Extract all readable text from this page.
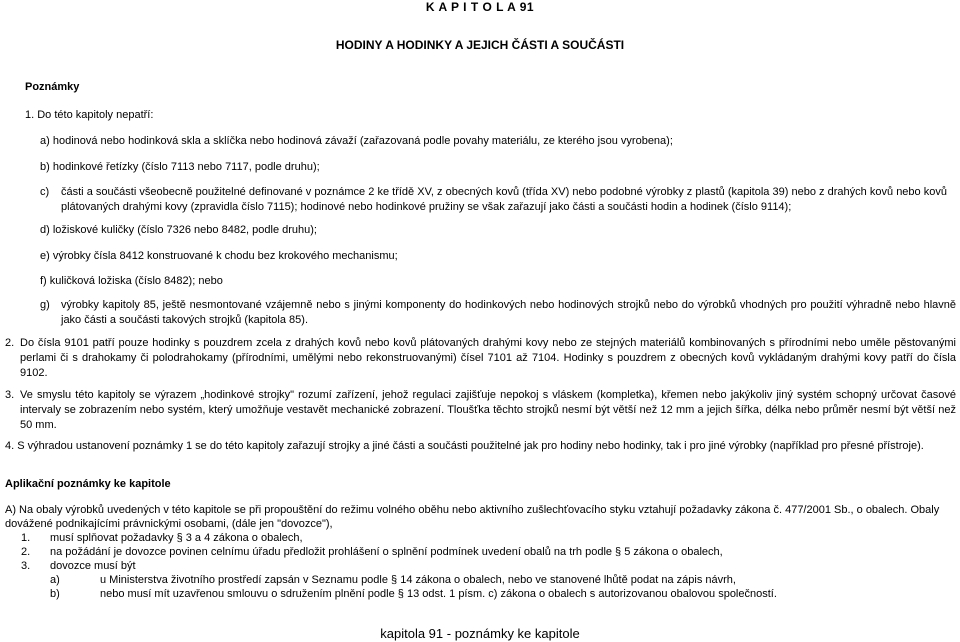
K A P I T O L A 91
HODINY A HODINKY A JEJICH ČÁSTI A SOUČÁSTI
Poznámky
1. Do této kapitoly nepatří:
a) hodinová nebo hodinková skla a sklíčka nebo hodinová závaží (zařazovaná podle povahy materiálu, ze kterého jsou vyrobena);
b) hodinkové řetízky (číslo 7113 nebo 7117, podle druhu);
c) části a součásti všeobecně použitelné definované v poznámce 2 ke třídě XV, z obecných kovů (třída XV) nebo podobné výrobky z plastů (kapitola 39) nebo z drahých kovů nebo kovů plátovaných drahými kovy (zpravidla číslo 7115); hodinové nebo hodinkové pružiny se však zařazují jako části a součásti hodin a hodinek (číslo 9114);
d) ložiskové kuličky (číslo 7326 nebo 8482, podle druhu);
e) výrobky čísla 8412 konstruované k chodu bez krokového mechanismu;
f) kuličková ložiska (číslo 8482); nebo
g) výrobky kapitoly 85, ještě nesmontované vzájemně nebo s jinými komponenty do hodinkových nebo hodinových strojků nebo do výrobků vhodných pro použití výhradně nebo hlavně jako části a součásti takových strojků (kapitola 85).
2. Do čísla 9101 patří pouze hodinky s pouzdrem zcela z drahých kovů nebo kovů plátovaných drahými kovy nebo ze stejných materiálů kombinovaných s přírodními nebo uměle pěstovanými perlami či s drahokamy či polodrahokamy (přírodními, umělými nebo rekonstruovanými) čísel 7101 až 7104. Hodinky s pouzdrem z obecných kovů vykládaným drahými kovy patří do čísla 9102.
3. Ve smyslu této kapitoly se výrazem „hodinkové strojky" rozumí zařízení, jehož regulaci zajišťuje nepokoj s vláskem (kompletka), křemen nebo jakýkoliv jiný systém schopný určovat časové intervaly se zobrazením nebo systém, který umožňuje vestavět mechanické zobrazení. Tloušťka těchto strojků nesmí být větší než 12 mm a jejich šířka, délka nebo průměr nesmí být větší než 50 mm.
4. S výhradou ustanovení poznámky 1 se do této kapitoly zařazují strojky a jiné části a součásti použitelné jak pro hodiny nebo hodinky, tak i pro jiné výrobky (například pro přesné přístroje).
Aplikační poznámky ke kapitole
A) Na obaly výrobků uvedených v této kapitole se při propouštění do režimu volného oběhu nebo aktivního zušlechťovacího styku vztahují požadavky zákona č. 477/2001 Sb., o obalech. Obaly
dovážené podnikajícími právnickými osobami, (dále jen "dovozce"),
1. musí splňovat požadavky § 3 a 4 zákona o obalech,
2. na požádání je dovozce povinen celnímu úřadu předložit prohlášení o splnění podmínek uvedení obalů na trh podle § 5 zákona o obalech,
3. dovozce musí být
a)	u Ministerstva životního prostředí zapsán v Seznamu podle § 14 zákona o obalech, nebo ve stanovené lhůtě podat na zápis návrh,
b)	nebo musí mít uzavřenou smlouvu o sdružením plnění podle § 13 odst. 1 písm. c) zákona o obalech s autorizovanou obalovou společností.
kapitola 91 - poznámky ke kapitole
